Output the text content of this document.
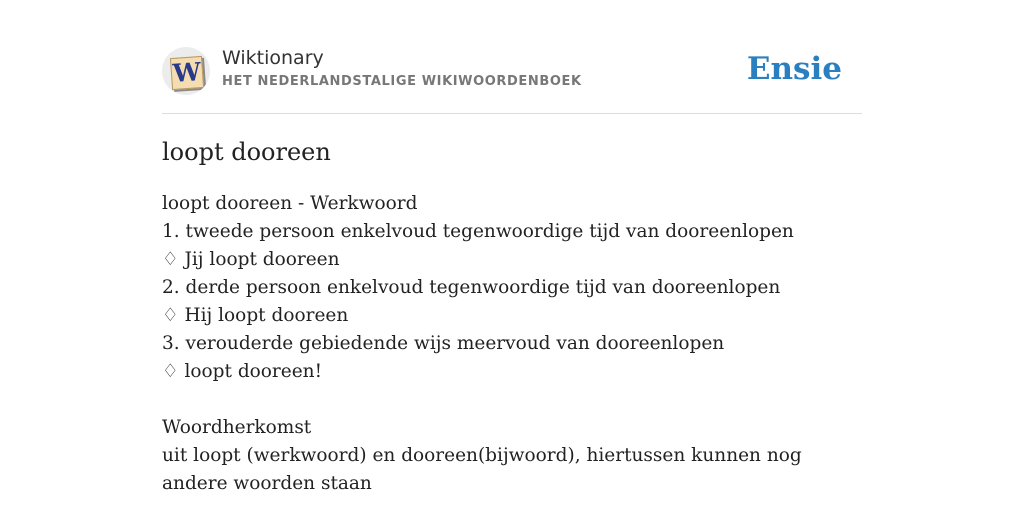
W Wiktionary
HET NEDERLANDSTALIGE WIKIWOORDENBOEK	Ensie
loopt dooreen
loopt dooreen - Werkwoord
1. tweede persoon enkelvoud tegenwoordige tijd van dooreenlopen
♢ Jij loopt dooreen
2. derde persoon enkelvoud tegenwoordige tijd van dooreenlopen
♢ Hij loopt dooreen
3. verouderde gebiedende wijs meervoud van dooreenlopen
♢ loopt dooreen!
Woordherkomst
uit loopt (werkwoord) en dooreen(bijwoord), hiertussen kunnen nog andere woorden staan
